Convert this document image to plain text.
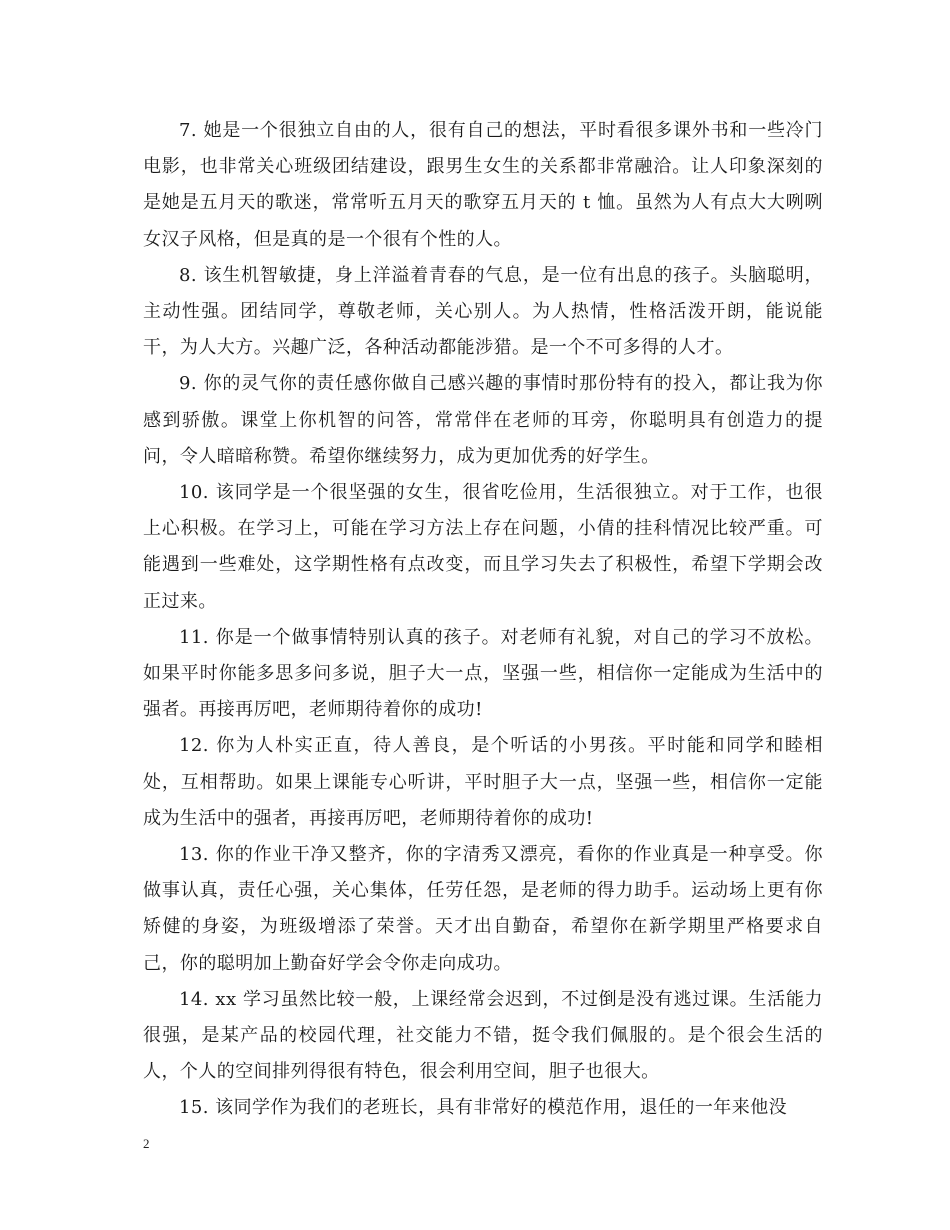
7. 她是一个很独立自由的人，很有自己的想法，平时看很多课外书和一些冷门电影，也非常关心班级团结建设，跟男生女生的关系都非常融洽。让人印象深刻的是她是五月天的歌迷，常常听五月天的歌穿五月天的 t 恤。虽然为人有点大大咧咧女汉子风格，但是真的是一个很有个性的人。

8. 该生机智敏捷，身上洋溢着青春的气息，是一位有出息的孩子。头脑聪明，主动性强。团结同学，尊敬老师，关心别人。为人热情，性格活泼开朗，能说能干，为人大方。兴趣广泛，各种活动都能涉猎。是一个不可多得的人才。

9. 你的灵气你的责任感你做自己感兴趣的事情时那份特有的投入，都让我为你感到骄傲。课堂上你机智的问答，常常伴在老师的耳旁，你聪明具有创造力的提问，令人暗暗称赞。希望你继续努力，成为更加优秀的好学生。

10. 该同学是一个很坚强的女生，很省吃俭用，生活很独立。对于工作，也很上心积极。在学习上，可能在学习方法上存在问题，小倩的挂科情况比较严重。可能遇到一些难处，这学期性格有点改变，而且学习失去了积极性，希望下学期会改正过来。

11. 你是一个做事情特别认真的孩子。对老师有礼貌，对自己的学习不放松。如果平时你能多思多问多说，胆子大一点，坚强一些，相信你一定能成为生活中的强者。再接再厉吧，老师期待着你的成功!

12. 你为人朴实正直，待人善良，是个听话的小男孩。平时能和同学和睦相处，互相帮助。如果上课能专心听讲，平时胆子大一点，坚强一些，相信你一定能成为生活中的强者，再接再厉吧，老师期待着你的成功!

13. 你的作业干净又整齐，你的字清秀又漂亮，看你的作业真是一种享受。你做事认真，责任心强，关心集体，任劳任怨，是老师的得力助手。运动场上更有你矫健的身姿，为班级增添了荣誉。天才出自勤奋，希望你在新学期里严格要求自己，你的聪明加上勤奋好学会令你走向成功。

14. xx 学习虽然比较一般，上课经常会迟到，不过倒是没有逃过课。生活能力很强，是某产品的校园代理，社交能力不错，挺令我们佩服的。是个很会生活的人，个人的空间排列得很有特色，很会利用空间，胆子也很大。

15. 该同学作为我们的老班长，具有非常好的模范作用，退任的一年来他没

2
